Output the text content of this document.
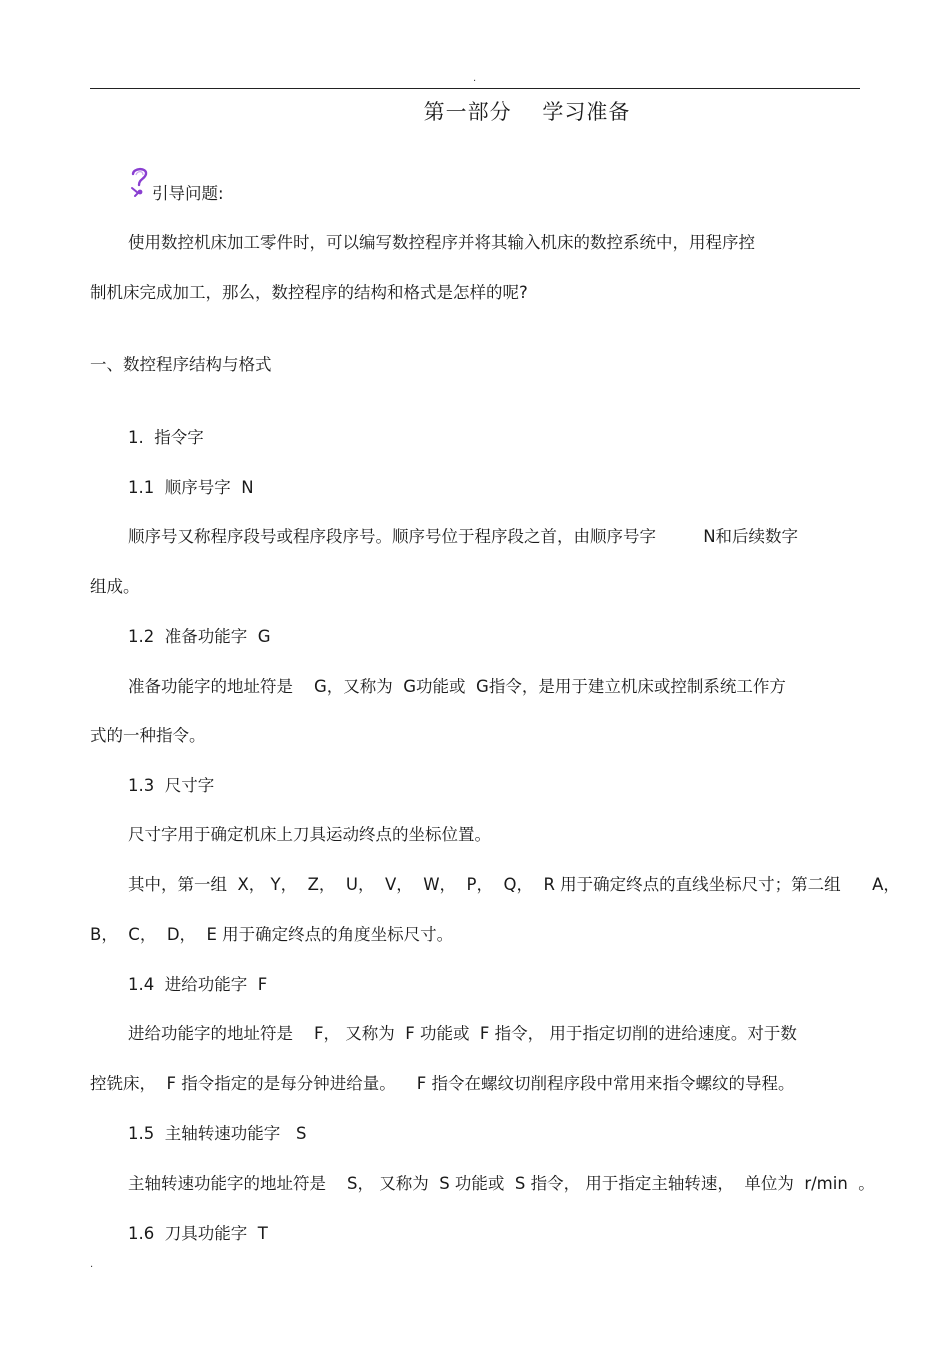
.
第一部分    学习准备
引导问题:
使用数控机床加工零件时，可以编写数控程序并将其输入机床的数控系统中，用程序控
制机床完成加工，那么，数控程序的结构和格式是怎样的呢?
一、数控程序结构与格式
1.  指令字
1.1  顺序号字  N
顺序号又称程序段号或程序段序号。顺序号位于程序段之首，由顺序号字         N和后续数字
组成。
1.2  准备功能字  G
准备功能字的地址符是    G，又称为  G功能或  G指令，是用于建立机床或控制系统工作方
式的一种指令。
1.3  尺寸字
尺寸字用于确定机床上刀具运动终点的坐标位置。
其中，第一组  X， Y，  Z，  U，  V，  W，  P，  Q，  R 用于确定终点的直线坐标尺寸；第二组      A，
B，  C，  D，  E 用于确定终点的角度坐标尺寸。
1.4  进给功能字  F
进给功能字的地址符是    F， 又称为  F 功能或  F 指令， 用于指定切削的进给速度。对于数
控铣床，  F 指令指定的是每分钟进给量。    F 指令在螺纹切削程序段中常用来指令螺纹的导程。
1.5  主轴转速功能字   S
主轴转速功能字的地址符是    S， 又称为  S 功能或  S 指令， 用于指定主轴转速，  单位为  r/min  。
1.6  刀具功能字  T
.
